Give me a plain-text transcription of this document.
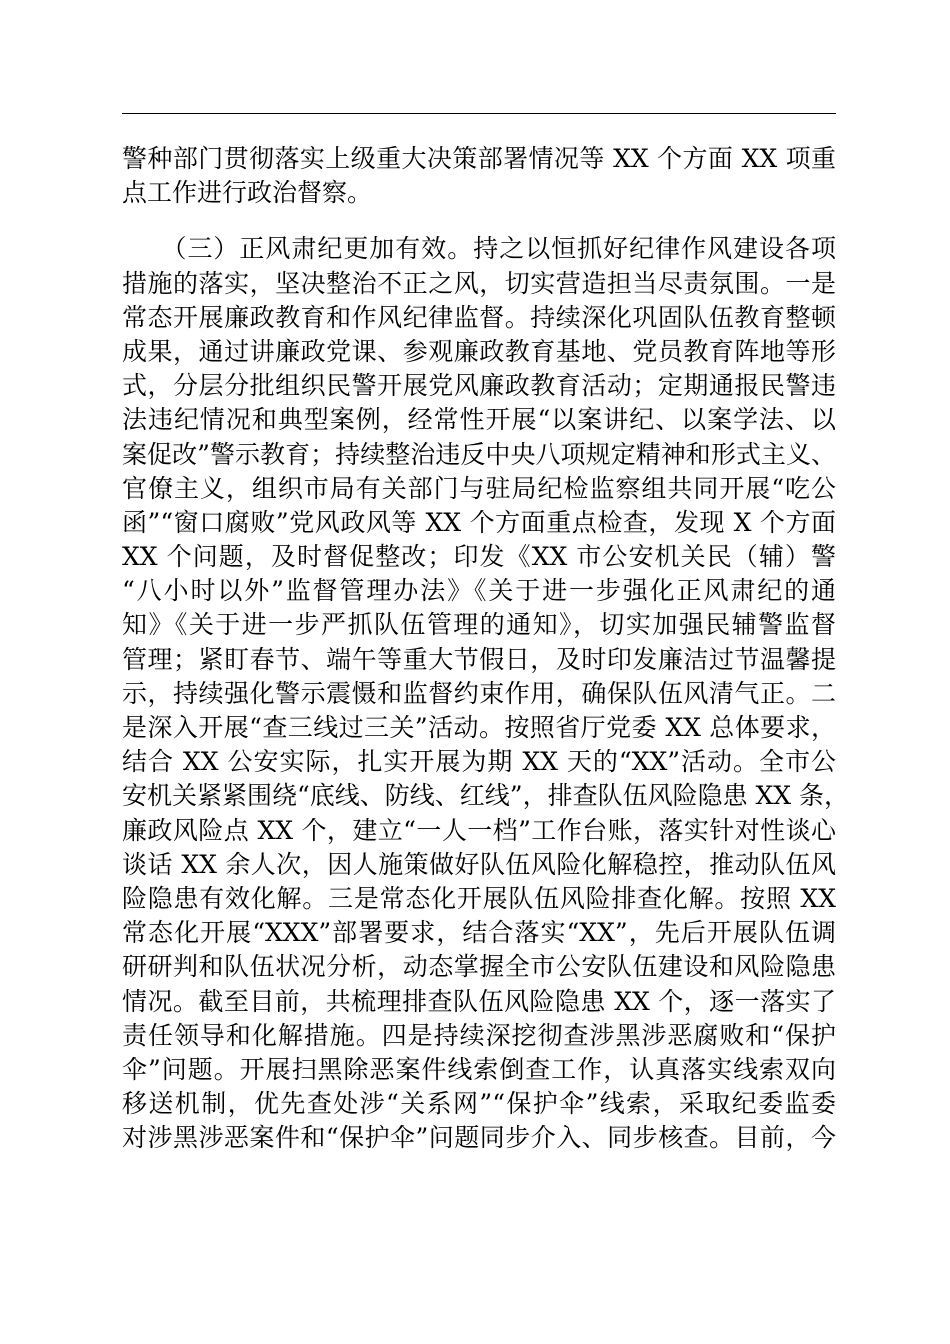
警种部门贯彻落实上级重大决策部署情况等 XX 个方面 XX 项重
点工作进行政治督察。
　　（三）正风肃纪更加有效。持之以恒抓好纪律作风建设各项
措施的落实，坚决整治不正之风，切实营造担当尽责氛围。一是
常态开展廉政教育和作风纪律监督。持续深化巩固队伍教育整顿
成果，通过讲廉政党课、参观廉政教育基地、党员教育阵地等形
式，分层分批组织民警开展党风廉政教育活动；定期通报民警违
法违纪情况和典型案例，经常性开展“以案讲纪、以案学法、以
案促改”警示教育；持续整治违反中央八项规定精神和形式主义、
官僚主义，组织市局有关部门与驻局纪检监察组共同开展“吃公
函”“窗口腐败”党风政风等 XX 个方面重点检查，发现 X 个方面
XX 个问题，及时督促整改；印发《XX 市公安机关民（辅）警
“八小时以外”监督管理办法》《关于进一步强化正风肃纪的通
知》《关于进一步严抓队伍管理的通知》，切实加强民辅警监督
管理；紧盯春节、端午等重大节假日，及时印发廉洁过节温馨提
示，持续强化警示震慑和监督约束作用，确保队伍风清气正。二
是深入开展“查三线过三关”活动。按照省厅党委 XX 总体要求，
结合 XX 公安实际，扎实开展为期 XX 天的“XX”活动。全市公
安机关紧紧围绕“底线、防线、红线”，排查队伍风险隐患 XX 条，
廉政风险点 XX 个，建立“一人一档”工作台账，落实针对性谈心
谈话 XX 余人次，因人施策做好队伍风险化解稳控，推动队伍风
险隐患有效化解。三是常态化开展队伍风险排查化解。按照 XX
常态化开展“XXX”部署要求，结合落实“XX”，先后开展队伍调
研研判和队伍状况分析，动态掌握全市公安队伍建设和风险隐患
情况。截至目前，共梳理排查队伍风险隐患 XX 个，逐一落实了
责任领导和化解措施。四是持续深挖彻查涉黑涉恶腐败和“保护
伞”问题。开展扫黑除恶案件线索倒查工作，认真落实线索双向
移送机制，优先查处涉“关系网”“保护伞”线索，采取纪委监委
对涉黑涉恶案件和“保护伞”问题同步介入、同步核查。目前，今
